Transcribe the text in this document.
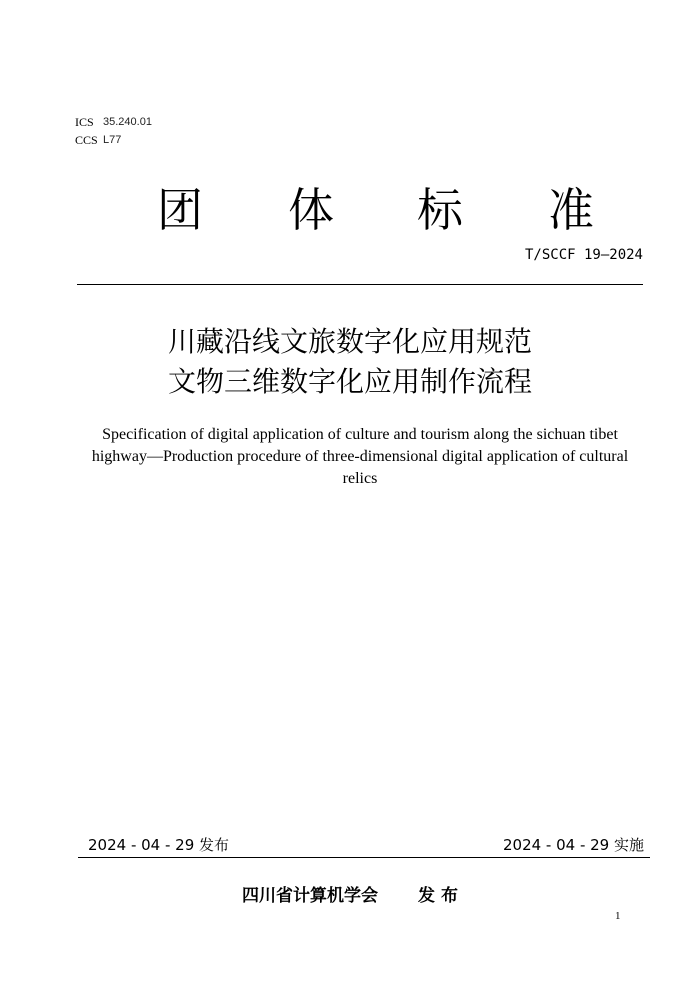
ICS 35.240.01
CCS L77
团 体 标 准
T/SCCF 19—2024
川藏沿线文旅数字化应用规范
文物三维数字化应用制作流程
Specification of digital application of culture and tourism along the sichuan tibet highway—Production procedure of three-dimensional digital application of cultural relics
2024 - 04 - 29 发布	2024 - 04 - 29 实施
四川省计算机学会 发 布
1
